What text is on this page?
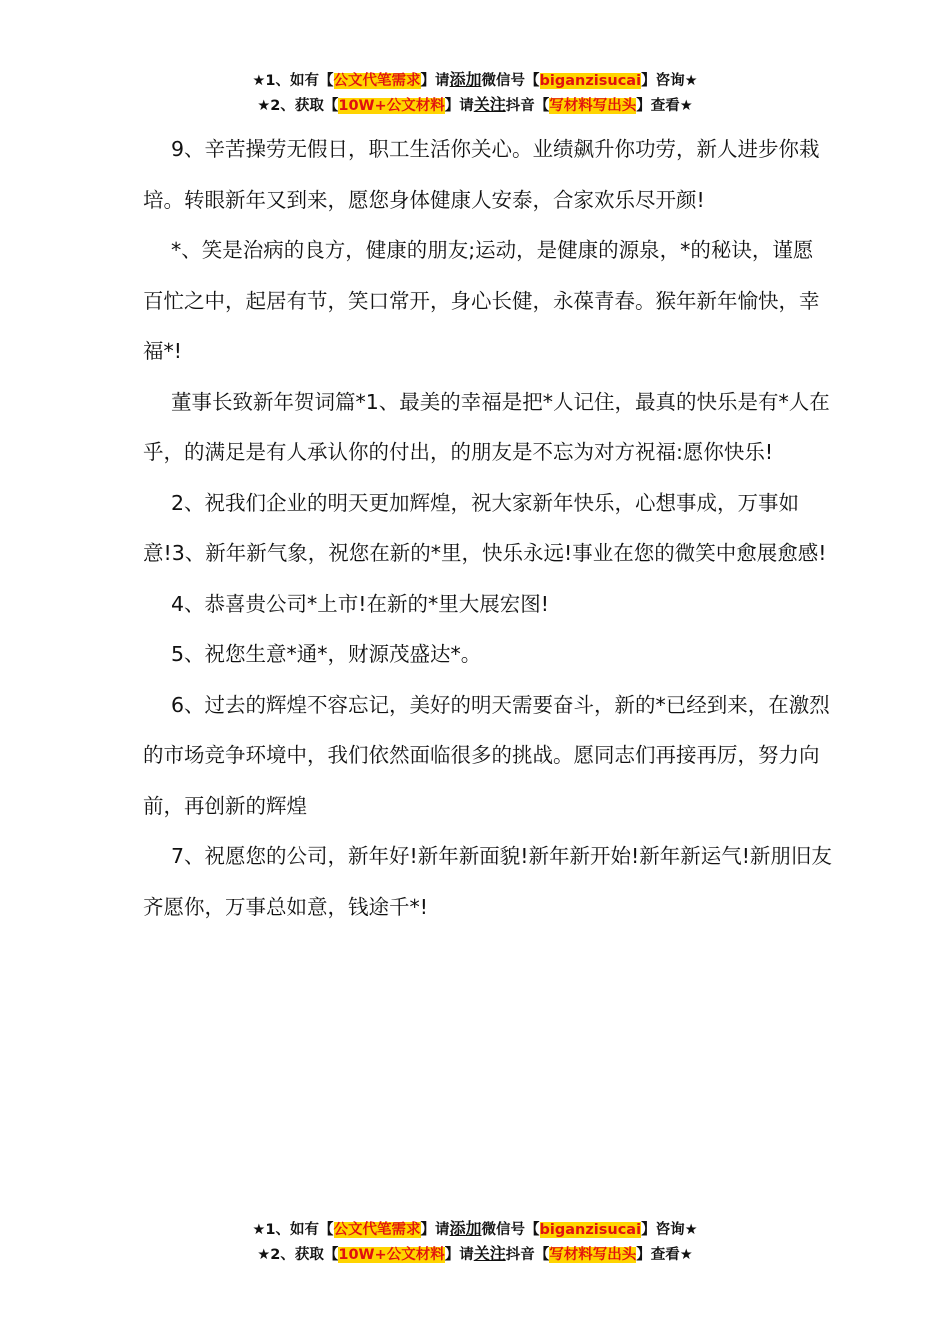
★1、如有【公文代笔需求】请添加微信号【biganzisucai】咨询★
★2、获取【10W+公文材料】请关注抖音【写材料写出头】查看★

9、辛苦操劳无假日，职工生活你关心。业绩飙升你功劳，新人进步你栽培。转眼新年又到来，愿您身体健康人安泰，合家欢乐尽开颜!

*、笑是治病的良方，健康的朋友;运动，是健康的源泉，*的秘诀，谨愿百忙之中，起居有节，笑口常开，身心长健，永葆青春。猴年新年愉快，幸福*!

董事长致新年贺词篇*1、最美的幸福是把*人记住，最真的快乐是有*人在乎，的满足是有人承认你的付出，的朋友是不忘为对方祝福:愿你快乐!

2、祝我们企业的明天更加辉煌，祝大家新年快乐，心想事成，万事如意!3、新年新气象，祝您在新的*里，快乐永远!事业在您的微笑中愈展愈感!

4、恭喜贵公司*上市!在新的*里大展宏图!

5、祝您生意*通*，财源茂盛达*。

6、过去的辉煌不容忘记，美好的明天需要奋斗，新的*已经到来，在激烈的市场竞争环境中，我们依然面临很多的挑战。愿同志们再接再厉，努力向前，再创新的辉煌

7、祝愿您的公司，新年好!新年新面貌!新年新开始!新年新运气!新朋旧友齐愿你，万事总如意，钱途千*!

★1、如有【公文代笔需求】请添加微信号【biganzisucai】咨询★
★2、获取【10W+公文材料】请关注抖音【写材料写出头】查看★
